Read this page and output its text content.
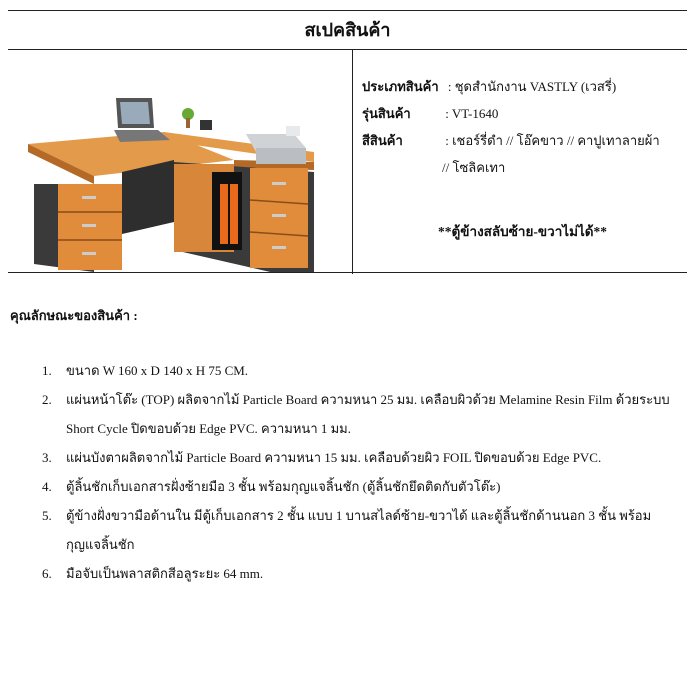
สเปคสินค้า
ประเภทสินค้า : ชุดสำนักงาน VASTLY (เวสรี่)
รุ่นสินค้า	: VT-1640
สีสินค้า	: เชอร์รี่ดำ // โอ๊คขาว // คาปูเทาลายผ้า
// โซลิคเทา
**ตู้ข้างสลับซ้าย-ขวาไม่ได้**
คุณลักษณะของสินค้า :
1.	ขนาด W 160 x D 140 x H 75 CM.
2.	แผ่นหน้าโต๊ะ (TOP) ผลิตจากไม้ Particle Board ความหนา 25 มม. เคลือบผิวด้วย Melamine Resin Film ด้วยระบบ Short Cycle ปิดขอบด้วย Edge PVC. ความหนา 1 มม.
3.	แผ่นบังตาผลิตจากไม้ Particle Board ความหนา 15 มม. เคลือบด้วยผิว FOIL ปิดขอบด้วย Edge PVC.
4.	ตู้ลิ้นชักเก็บเอกสารฝั่งซ้ายมือ 3 ชั้น พร้อมกุญแจลิ้นชัก (ตู้ลิ้นชักยึดติดกับตัวโต๊ะ)
5.	ตู้ข้างฝั่งขวามือด้านใน มีตู้เก็บเอกสาร 2 ชั้น แบบ 1 บานสไลด์ซ้าย-ขวาได้ และตู้ลิ้นชักด้านนอก 3 ชั้น พร้อมกุญแจลิ้นชัก
6.	มือจับเป็นพลาสติกสีอลูระยะ 64 mm.
